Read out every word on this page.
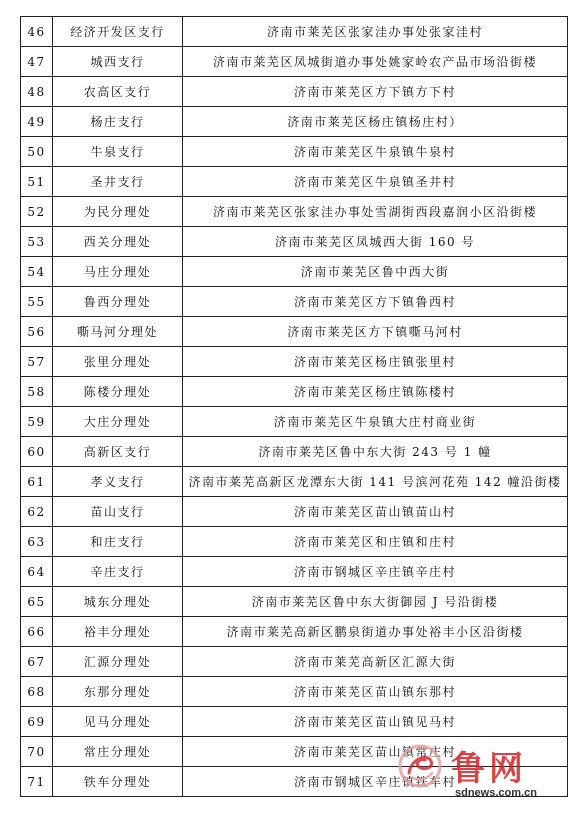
46	经济开发区支行	济南市莱芜区张家洼办事处张家洼村
47	城西支行	济南市莱芜区凤城街道办事处姚家岭农产品市场沿街楼
48	农高区支行	济南市莱芜区方下镇方下村
49	杨庄支行	济南市莱芜区杨庄镇杨庄村）
50	牛泉支行	济南市莱芜区牛泉镇牛泉村
51	圣井支行	济南市莱芜区牛泉镇圣井村
52	为民分理处	济南市莱芜区张家洼办事处雪湖街西段嘉润小区沿街楼
53	西关分理处	济南市莱芜区凤城西大街 160 号
54	马庄分理处	济南市莱芜区鲁中西大街
55	鲁西分理处	济南市莱芜区方下镇鲁西村
56	嘶马河分理处	济南市莱芜区方下镇嘶马河村
57	张里分理处	济南市莱芜区杨庄镇张里村
58	陈楼分理处	济南市莱芜区杨庄镇陈楼村
59	大庄分理处	济南市莱芜区牛泉镇大庄村商业街
60	高新区支行	济南市莱芜区鲁中东大街 243 号 1 幢
61	孝义支行	济南市莱芜高新区龙潭东大街 141 号滨河花苑 142 幢沿街楼
62	苗山支行	济南市莱芜区苗山镇苗山村
63	和庄支行	济南市莱芜区和庄镇和庄村
64	辛庄支行	济南市钢城区辛庄镇辛庄村
65	城东分理处	济南市莱芜区鲁中东大街御园 J 号沿街楼
66	裕丰分理处	济南市莱芜高新区鹏泉街道办事处裕丰小区沿街楼
67	汇源分理处	济南市莱芜高新区汇源大街
68	东那分理处	济南市莱芜区苗山镇东那村
69	见马分理处	济南市莱芜区苗山镇见马村
70	常庄分理处	济南市莱芜区苗山镇常庄村
71	铁车分理处	济南市钢城区辛庄镇铁车村
鲁网
sdnews.com.cn
